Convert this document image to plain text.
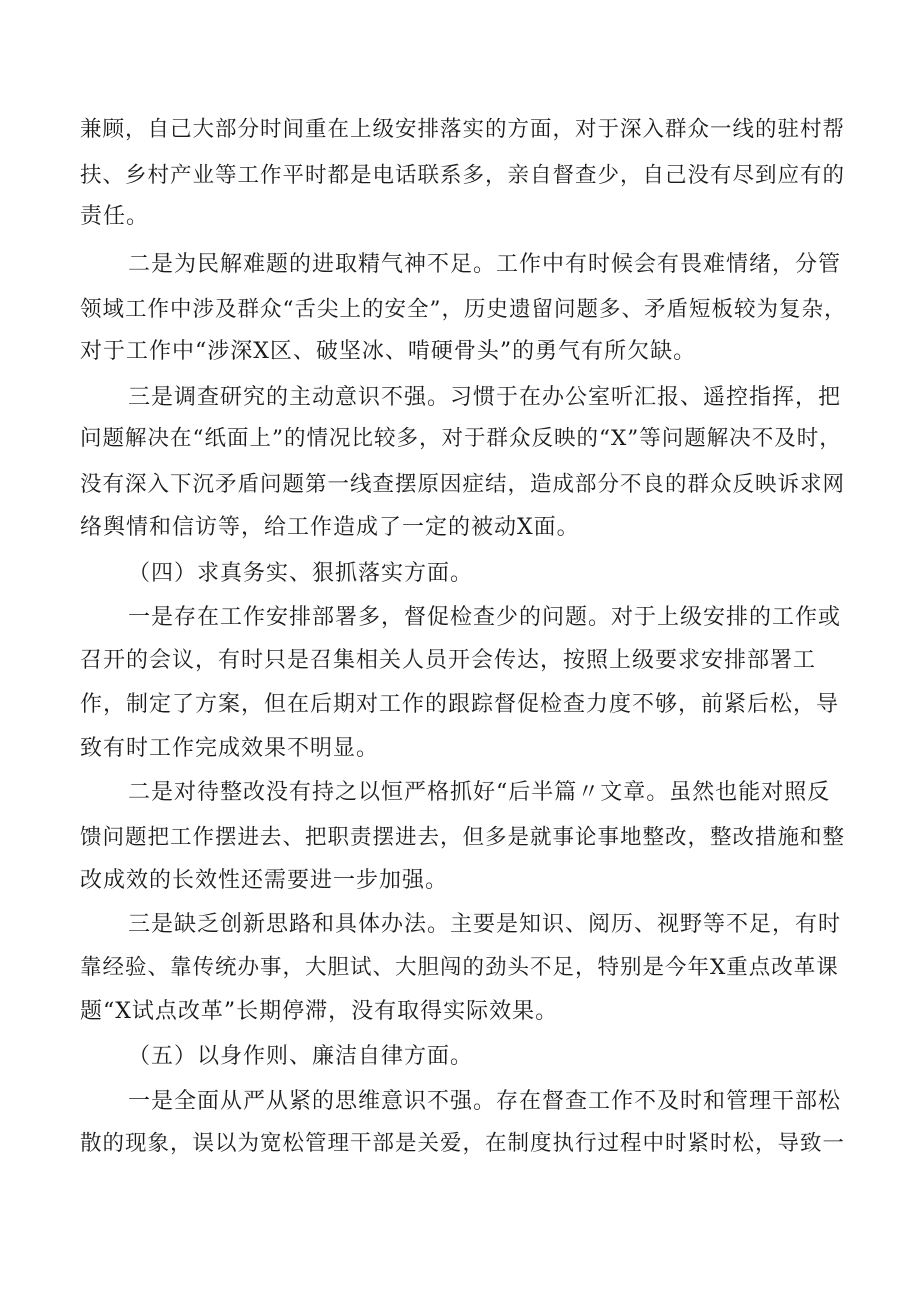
兼顾，自己大部分时间重在上级安排落实的方面，对于深入群众一线的驻村帮
扶、乡村产业等工作平时都是电话联系多，亲自督查少，自己没有尽到应有的
责任。
二是为民解难题的进取精气神不足。工作中有时候会有畏难情绪，分管
领域工作中涉及群众“舌尖上的安全”，历史遗留问题多、矛盾短板较为复杂，
对于工作中“涉深X区、破坚冰、啃硬骨头”的勇气有所欠缺。
三是调查研究的主动意识不强。习惯于在办公室听汇报、遥控指挥，把
问题解决在“纸面上”的情况比较多，对于群众反映的“X”等问题解决不及时，
没有深入下沉矛盾问题第一线查摆原因症结，造成部分不良的群众反映诉求网
络舆情和信访等，给工作造成了一定的被动X面。
（四）求真务实、狠抓落实方面。
一是存在工作安排部署多，督促检查少的问题。对于上级安排的工作或
召开的会议，有时只是召集相关人员开会传达，按照上级要求安排部署工
作，制定了方案，但在后期对工作的跟踪督促检查力度不够，前紧后松，导
致有时工作完成效果不明显。
二是对待整改没有持之以恒严格抓好“后半篇〃文章。虽然也能对照反
馈问题把工作摆进去、把职责摆进去，但多是就事论事地整改，整改措施和整
改成效的长效性还需要进一步加强。
三是缺乏创新思路和具体办法。主要是知识、阅历、视野等不足，有时
靠经验、靠传统办事，大胆试、大胆闯的劲头不足，特别是今年X重点改革课
题“X试点改革”长期停滞，没有取得实际效果。
（五）以身作则、廉洁自律方面。
一是全面从严从紧的思维意识不强。存在督查工作不及时和管理干部松
散的现象，误以为宽松管理干部是关爱，在制度执行过程中时紧时松，导致一
